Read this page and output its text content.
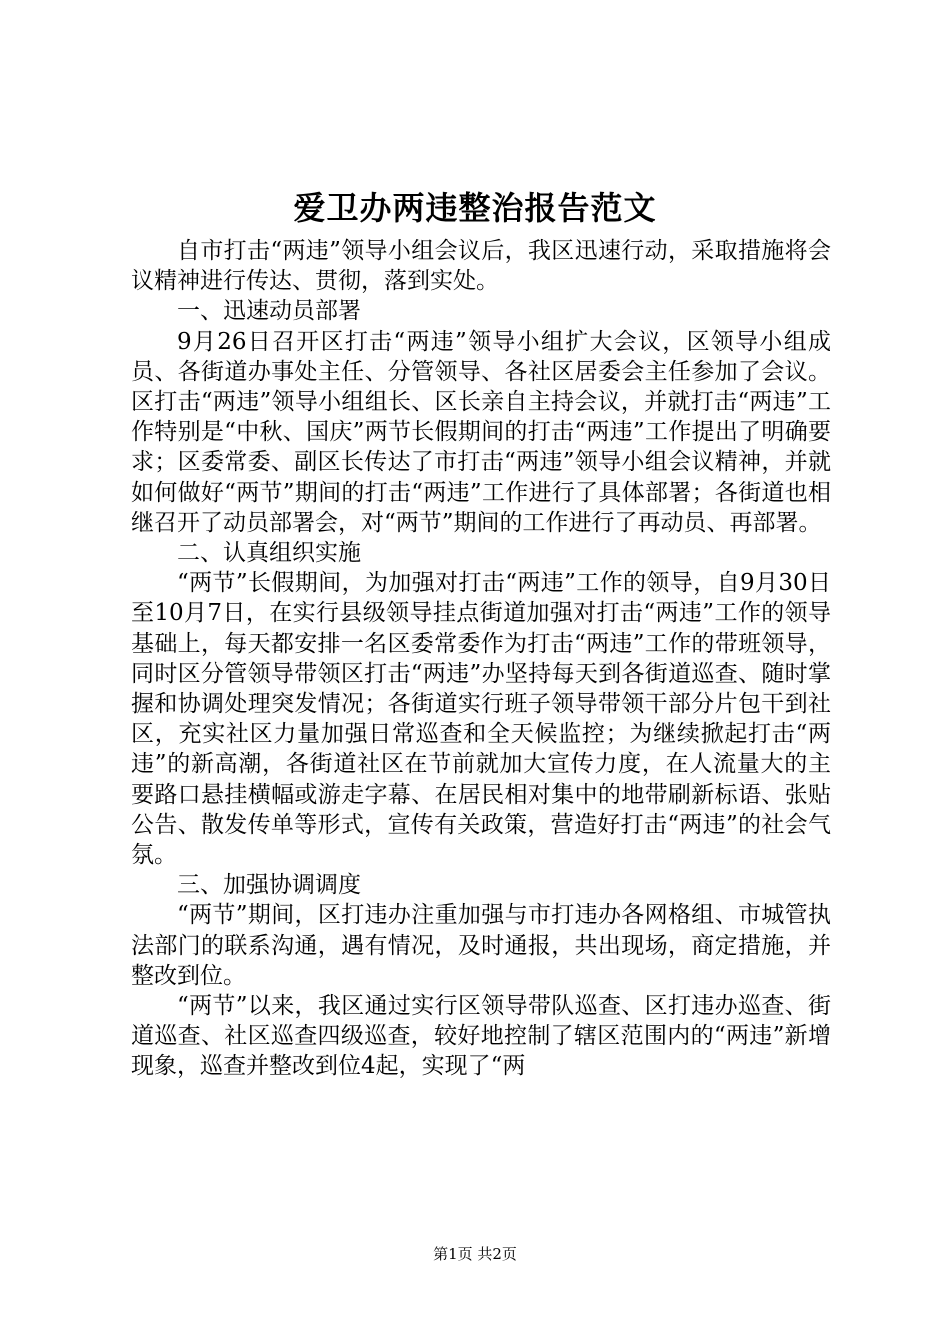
爱卫办两违整治报告范文

自市打击“两违”领导小组会议后，我区迅速行动，采取措施将会议精神进行传达、贯彻，落到实处。

一、迅速动员部署

9月26日召开区打击“两违”领导小组扩大会议，区领导小组成员、各街道办事处主任、分管领导、各社区居委会主任参加了会议。区打击“两违”领导小组组长、区长亲自主持会议，并就打击“两违”工作特别是“中秋、国庆”两节长假期间的打击“两违”工作提出了明确要求；区委常委、副区长传达了市打击“两违”领导小组会议精神，并就如何做好“两节”期间的打击“两违”工作进行了具体部署；各街道也相继召开了动员部署会，对“两节”期间的工作进行了再动员、再部署。

二、认真组织实施

“两节”长假期间，为加强对打击“两违”工作的领导，自9月30日至10月7日，在实行县级领导挂点街道加强对打击“两违”工作的领导基础上，每天都安排一名区委常委作为打击“两违”工作的带班领导，同时区分管领导带领区打击“两违”办坚持每天到各街道巡查、随时掌握和协调处理突发情况；各街道实行班子领导带领干部分片包干到社区，充实社区力量加强日常巡查和全天候监控；为继续掀起打击“两违”的新高潮，各街道社区在节前就加大宣传力度，在人流量大的主要路口悬挂横幅或游走字幕、在居民相对集中的地带刷新标语、张贴公告、散发传单等形式，宣传有关政策，营造好打击“两违”的社会气氛。

三、加强协调调度

“两节”期间，区打违办注重加强与市打违办各网格组、市城管执法部门的联系沟通，遇有情况，及时通报，共出现场，商定措施，并整改到位。

“两节”以来，我区通过实行区领导带队巡查、区打违办巡查、街道巡查、社区巡查四级巡查，较好地控制了辖区范围内的“两违”新增现象，巡查并整改到位4起，实现了“两

第1页 共2页
